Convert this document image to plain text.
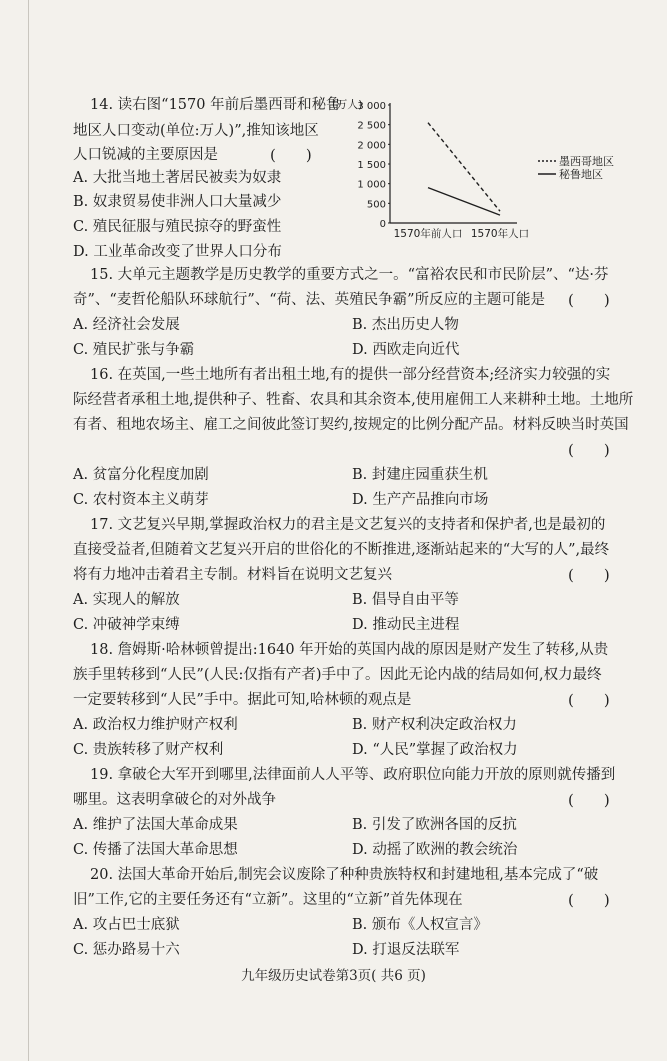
14. 读右图“1570 年前后墨西哥和秘鲁
地区人口变动(单位:万人)”,推知该地区
人口锐减的主要原因是	(　　)
A. 大批当地土著居民被卖为奴隶
B. 奴隶贸易使非洲人口大量减少
C. 殖民征服与殖民掠夺的野蛮性
D. 工业革命改变了世界人口分布
(万人)
3 000
2 500
2 000
1 500
1 000
500
0
1570年前人口 1570年人口
墨西哥地区
秘鲁地区
15. 大单元主题教学是历史教学的重要方式之一。“富裕农民和市民阶层”、“达·芬
奇”、“麦哲伦船队环球航行”、“荷、法、英殖民争霸”所反应的主题可能是 (　　)
A. 经济社会发展	B. 杰出历史人物
C. 殖民扩张与争霸	D. 西欧走向近代
16. 在英国,一些土地所有者出租土地,有的提供一部分经营资本;经济实力较强的实
际经营者承租土地,提供种子、牲畜、农具和其余资本,使用雇佣工人来耕种土地。土地所
有者、租地农场主、雇工之间彼此签订契约,按规定的比例分配产品。材料反映当时英国
(　　)
A. 贫富分化程度加剧	B. 封建庄园重获生机
C. 农村资本主义萌芽	D. 生产产品推向市场
17. 文艺复兴早期,掌握政治权力的君主是文艺复兴的支持者和保护者,也是最初的
直接受益者,但随着文艺复兴开启的世俗化的不断推进,逐渐站起来的“大写的人”,最终
将有力地冲击着君主专制。材料旨在说明文艺复兴	(　　)
A. 实现人的解放	B. 倡导自由平等
C. 冲破神学束缚	D. 推动民主进程
18. 詹姆斯·哈林顿曾提出:1640 年开始的英国内战的原因是财产发生了转移,从贵
族手里转移到“人民”(人民:仅指有产者)手中了。因此无论内战的结局如何,权力最终
一定要转移到“人民”手中。据此可知,哈林顿的观点是	(　　)
A. 政治权力维护财产权利	B. 财产权利决定政治权力
C. 贵族转移了财产权利	D. “人民”掌握了政治权力
19. 拿破仑大军开到哪里,法律面前人人平等、政府职位向能力开放的原则就传播到
哪里。这表明拿破仑的对外战争	(　　)
A. 维护了法国大革命成果	B. 引发了欧洲各国的反抗
C. 传播了法国大革命思想	D. 动摇了欧洲的教会统治
20. 法国大革命开始后,制宪会议废除了种种贵族特权和封建地租,基本完成了“破
旧”工作,它的主要任务还有“立新”。这里的“立新”首先体现在	(　　)
A. 攻占巴士底狱	B. 颁布《人权宣言》
C. 惩办路易十六	D. 打退反法联军
九年级历史试卷第3页( 共6 页)
